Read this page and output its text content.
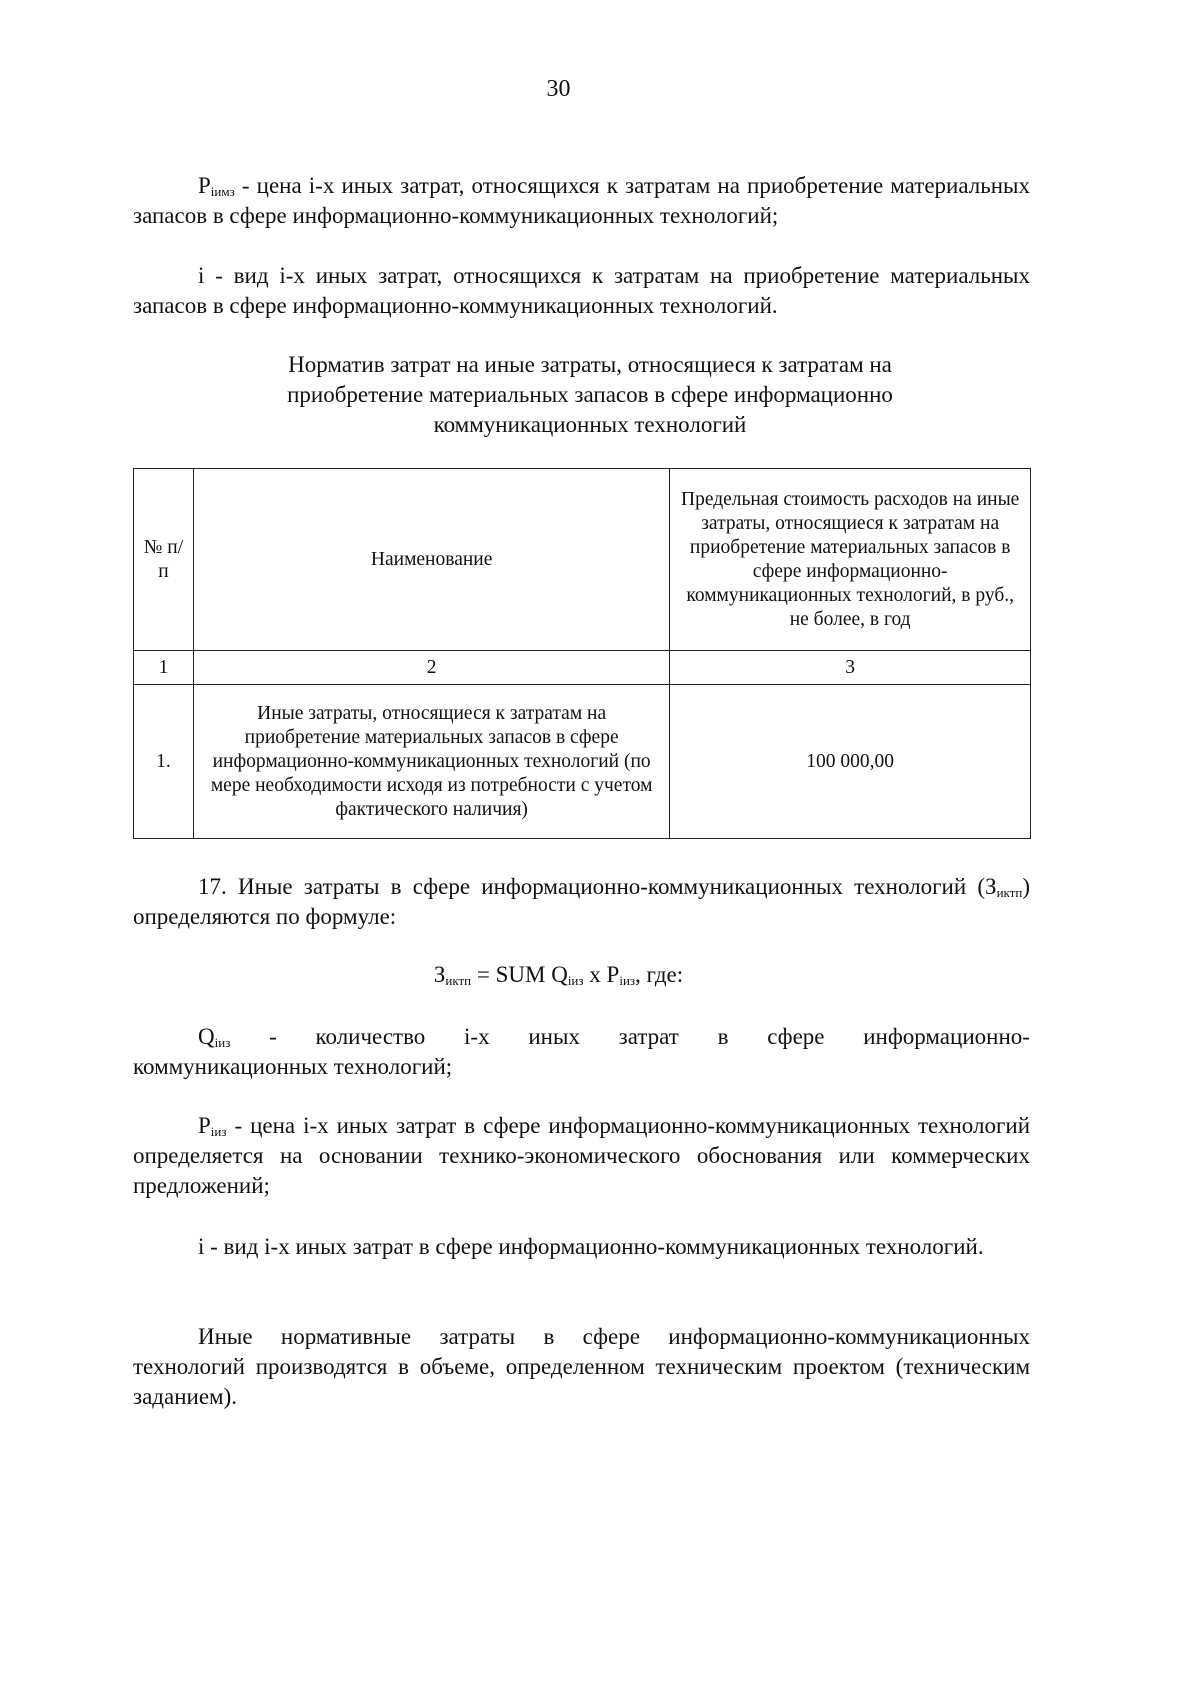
30

$P_{iимз}$ - цена i-х иных затрат, относящихся к затратам на приобретение материальных запасов в сфере информационно-коммуникационных технологий;

i - вид i-х иных затрат, относящихся к затратам на приобретение материальных запасов в сфере информационно-коммуникационных технологий.

Норматив затрат на иные затраты, относящиеся к затратам на
приобретение материальных запасов в сфере информационно
коммуникационных технологий
№ п/п	Наименование	Предельная стоимость расходов на иные затраты, относящиеся к затратам на приобретение материальных запасов в сфере информационно-коммуникационных технологий, в руб., не более, в год
1	2	3
1.	Иные затраты, относящиеся к затратам на приобретение материальных запасов в сфере информационно-коммуникационных технологий (по мере необходимости исходя из потребности с учетом фактического наличия)	100 000,00

17. Иные затраты в сфере информационно-коммуникационных технологий $(З_{иктп})$ определяются по формуле:

$З_{иктп}$ = SUM $Q_{iиз}$ x $P_{iиз}$, где:
$Q_{iиз}$ - количество i-х иных затрат в сфере информационно-
коммуникационных технологий;

$P_{iиз}$ - цена i-х иных затрат в сфере информационно-коммуникационных технологий определяется на основании технико-экономического обоснования или коммерческих предложений;

i - вид i-х иных затрат в сфере информационно-коммуникационных технологий.

Иные нормативные затраты в сфере информационно-коммуникационных технологий производятся в объеме, определенном техническим проектом (техническим заданием).
